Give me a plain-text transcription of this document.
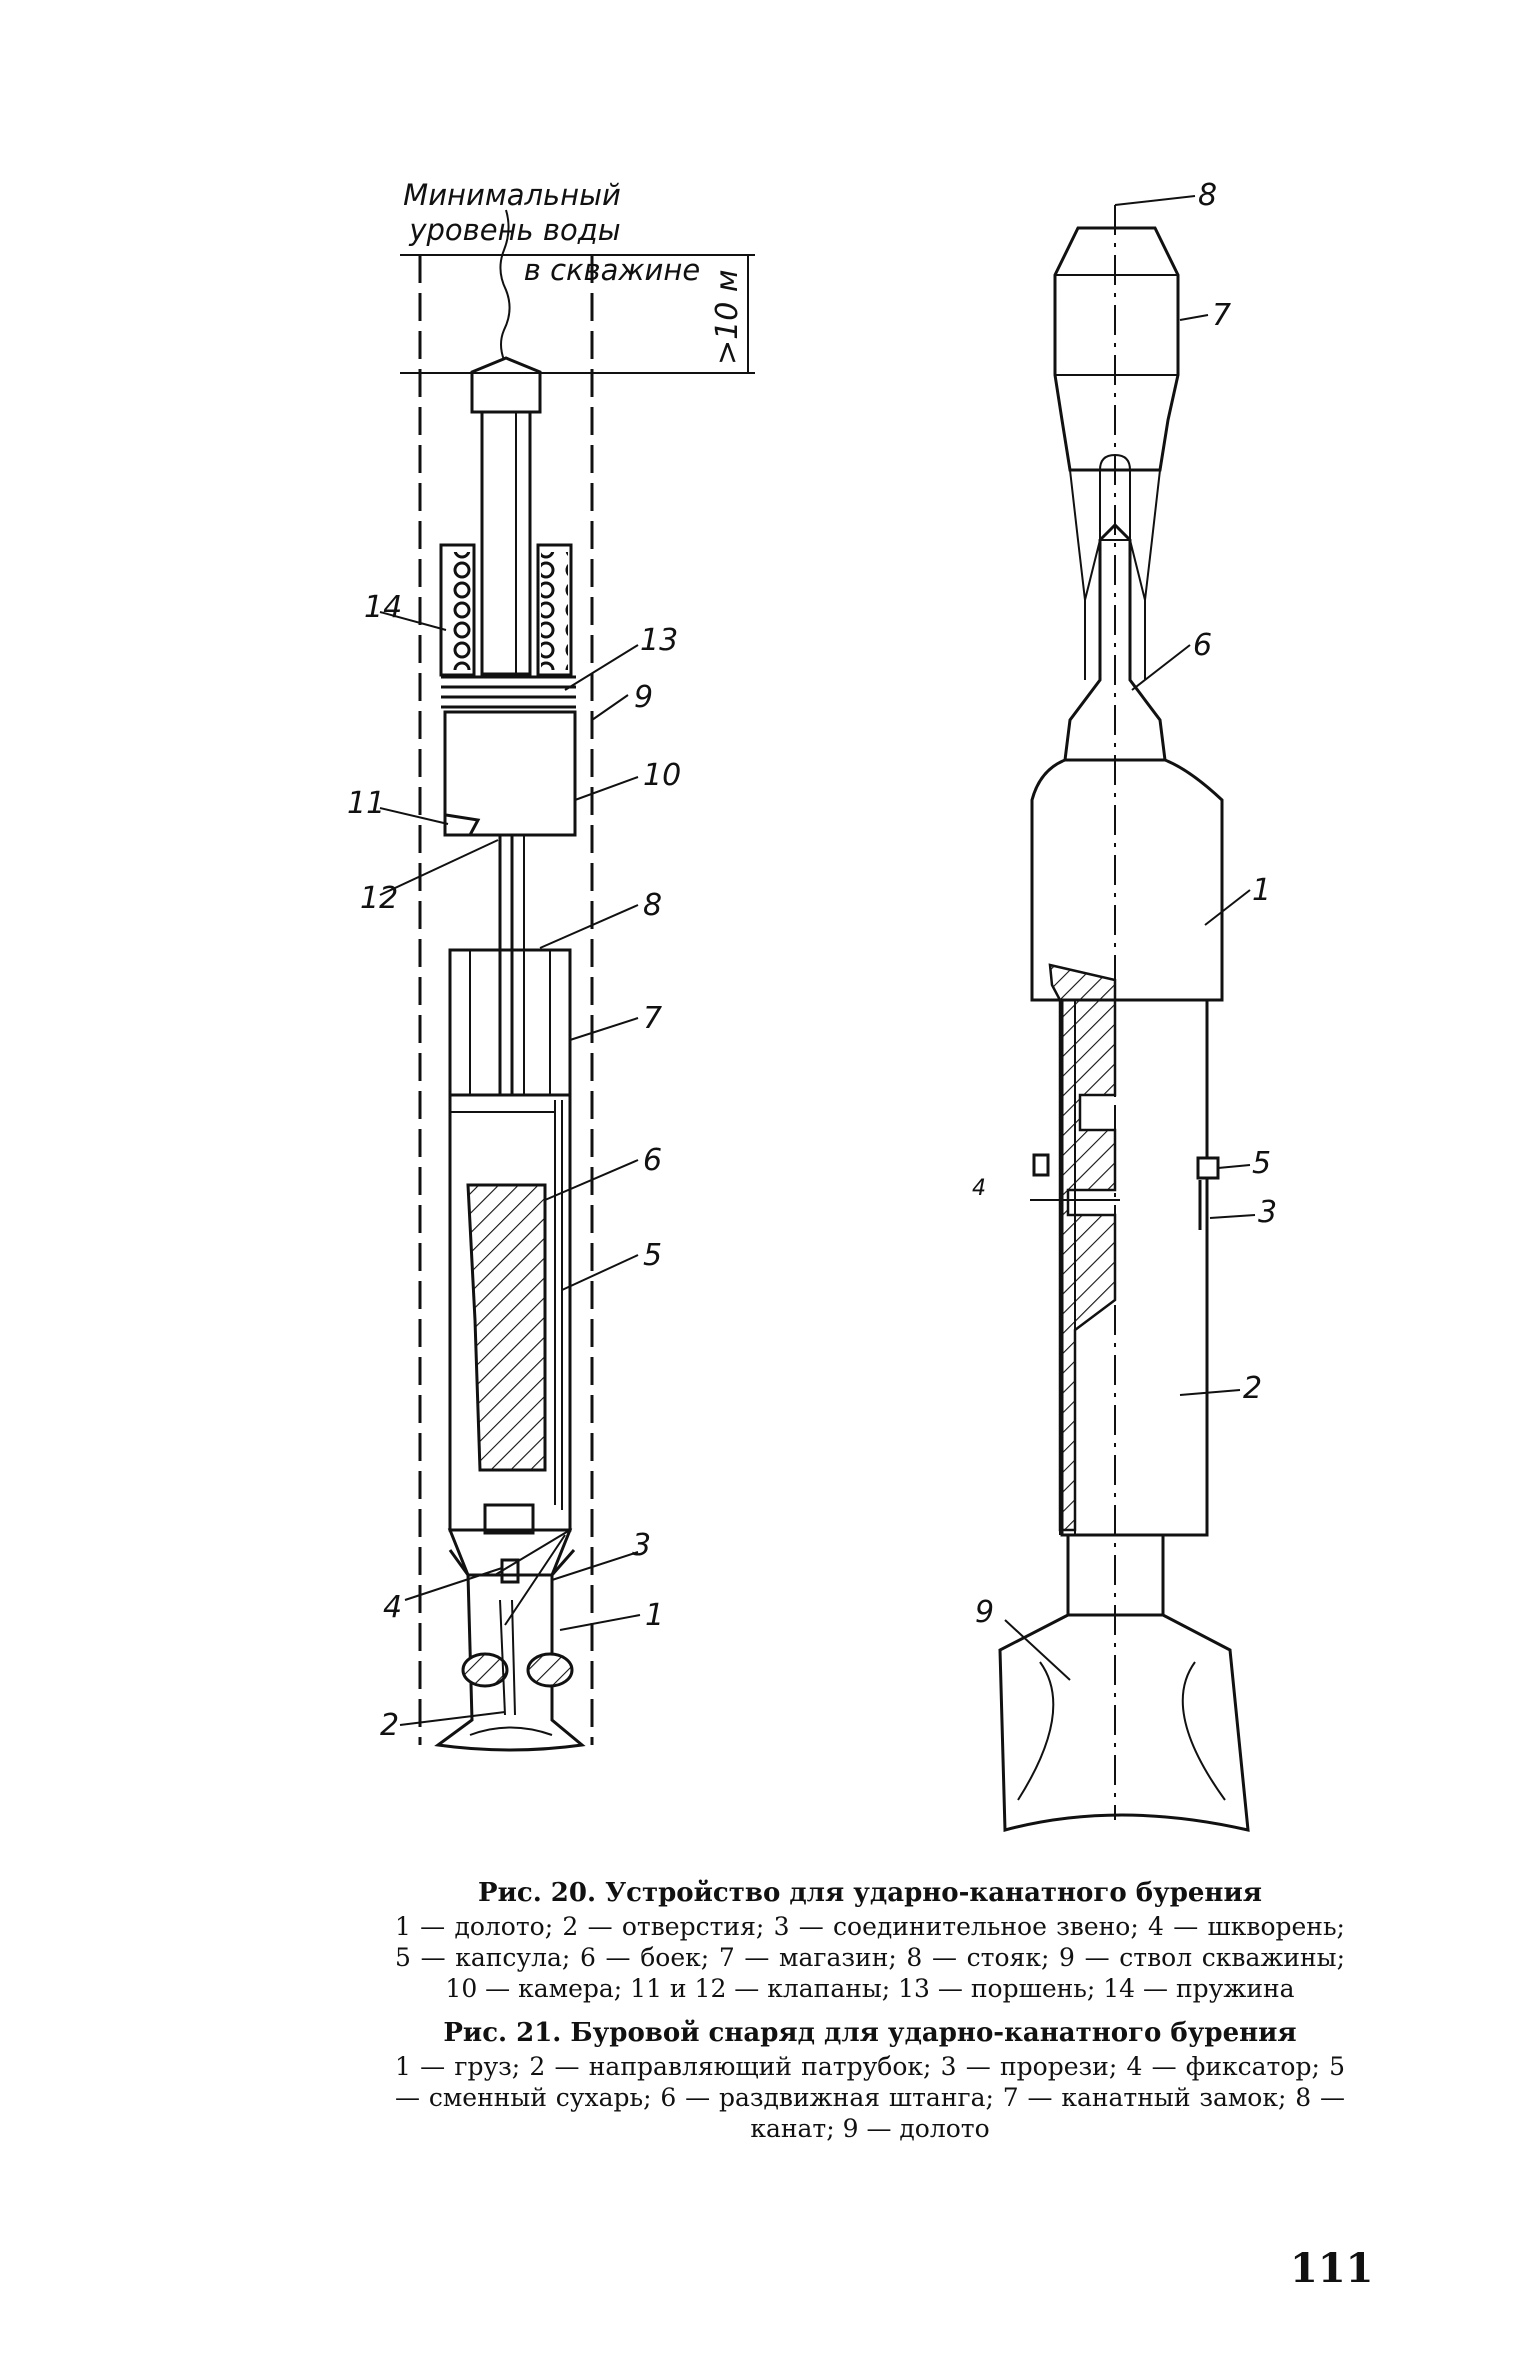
Минимальный
уровень воды
в скважине >10 м
14
13
9
11
10
12	8
7
6
5
3
4	1
2
8
7
6
1
4
5
3
2
9
Рис. 20. Устройство для ударно-канатного бурения

1 — долото; 2 — отверстия; 3 — соединительное звено; 4 — шкворень; 5 — капсула; 6 — боек; 7 — магазин; 8 — стояк; 9 — ствол скважины; 10 — камера; 11 и 12 — клапаны; 13 — поршень; 14 — пружина

Рис. 21. Буровой снаряд для ударно-канатного бурения

1 — груз; 2 — направляющий патрубок; 3 — прорези; 4 — фиксатор; 5 — сменный сухарь; 6 — раздвижная штанга; 7 — канатный замок; 8 — канат; 9 — долото

111
